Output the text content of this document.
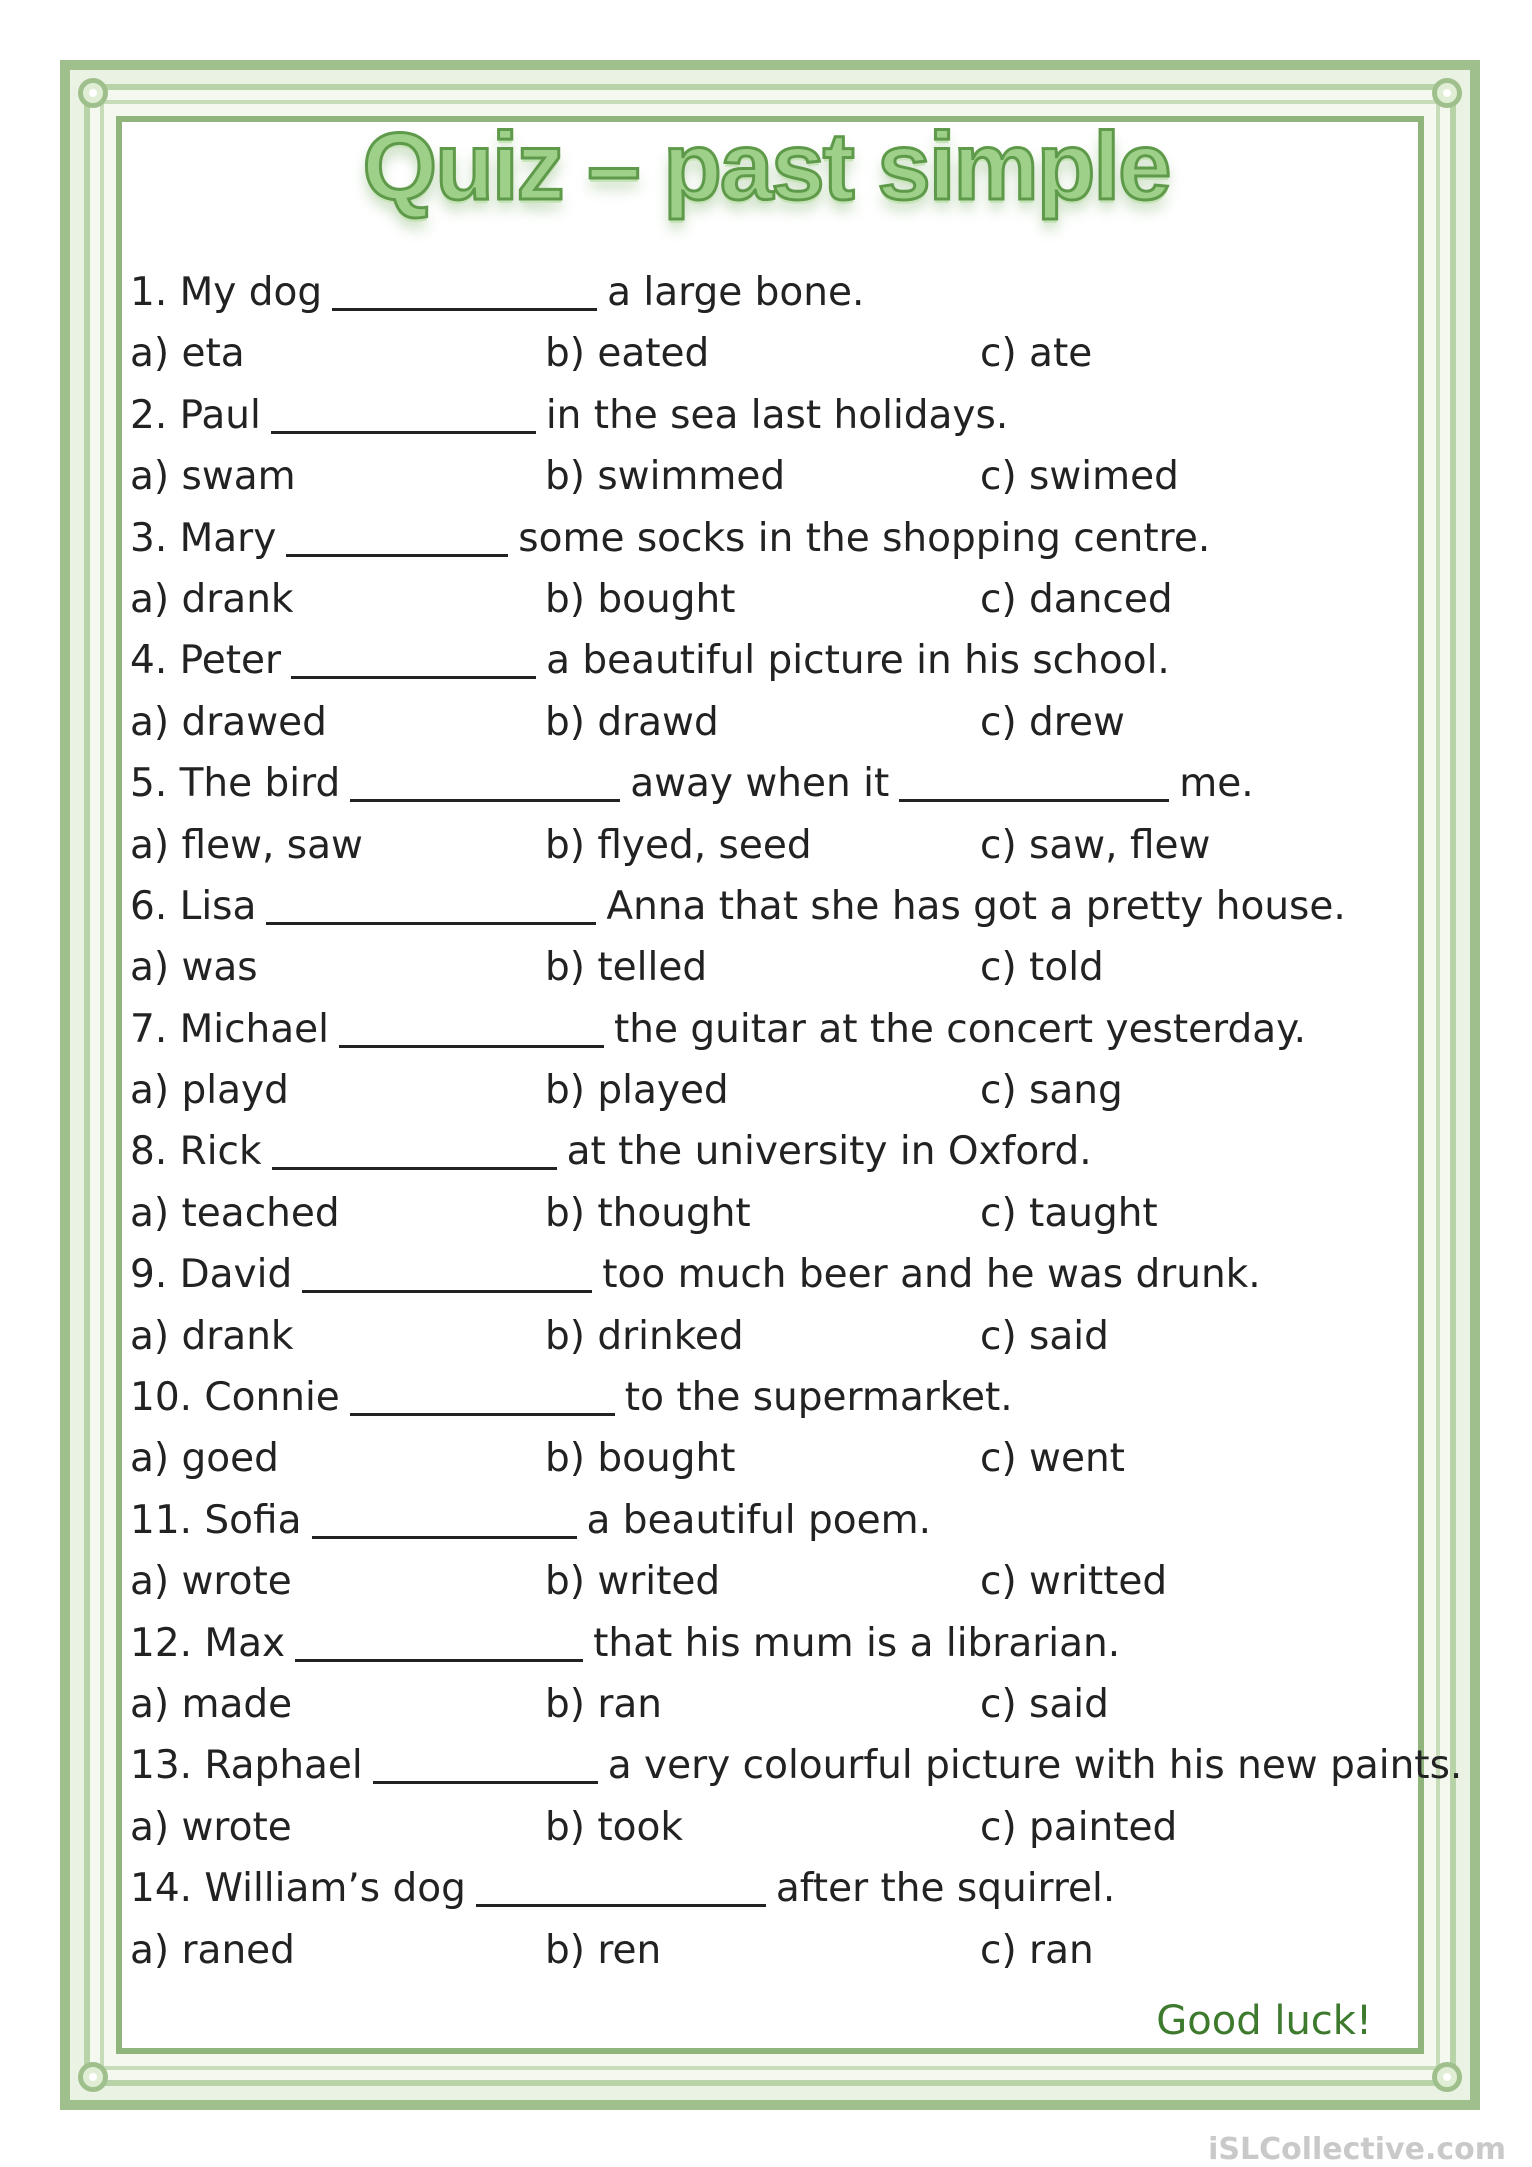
Quiz – past simple
1. My dog	a large bone.
a) eta	b) eated	c) ate
2. Paul	in the sea last holidays.
a) swam	b) swimmed	c) swimed
3. Mary	some socks in the shopping centre.
a) drank	b) bought	c) danced
4. Peter	a beautiful picture in his school.
a) drawed	b) drawd	c) drew
5. The bird	away when it	me.
a) flew, saw	b) flyed, seed	c) saw, flew
6. Lisa	Anna that she has got a pretty house.
a) was	b) telled	c) told
7. Michael	the guitar at the concert yesterday.
a) playd	b) played	c) sang
8. Rick	at the university in Oxford.
a) teached	b) thought	c) taught
9. David	too much beer and he was drunk.
a) drank	b) drinked	c) said
10. Connie	to the supermarket.
a) goed	b) bought	c) went
11. Sofia	a beautiful poem.
a) wrote	b) writed	c) writted
12. Max	that his mum is a librarian.
a) made	b) ran	c) said
13. Raphael	a very colourful picture with his new paints.
a) wrote	b) took	c) painted
14. William’s dog	after the squirrel.
a) raned	b) ren	c) ran
Good luck!
iSLCollective.com
